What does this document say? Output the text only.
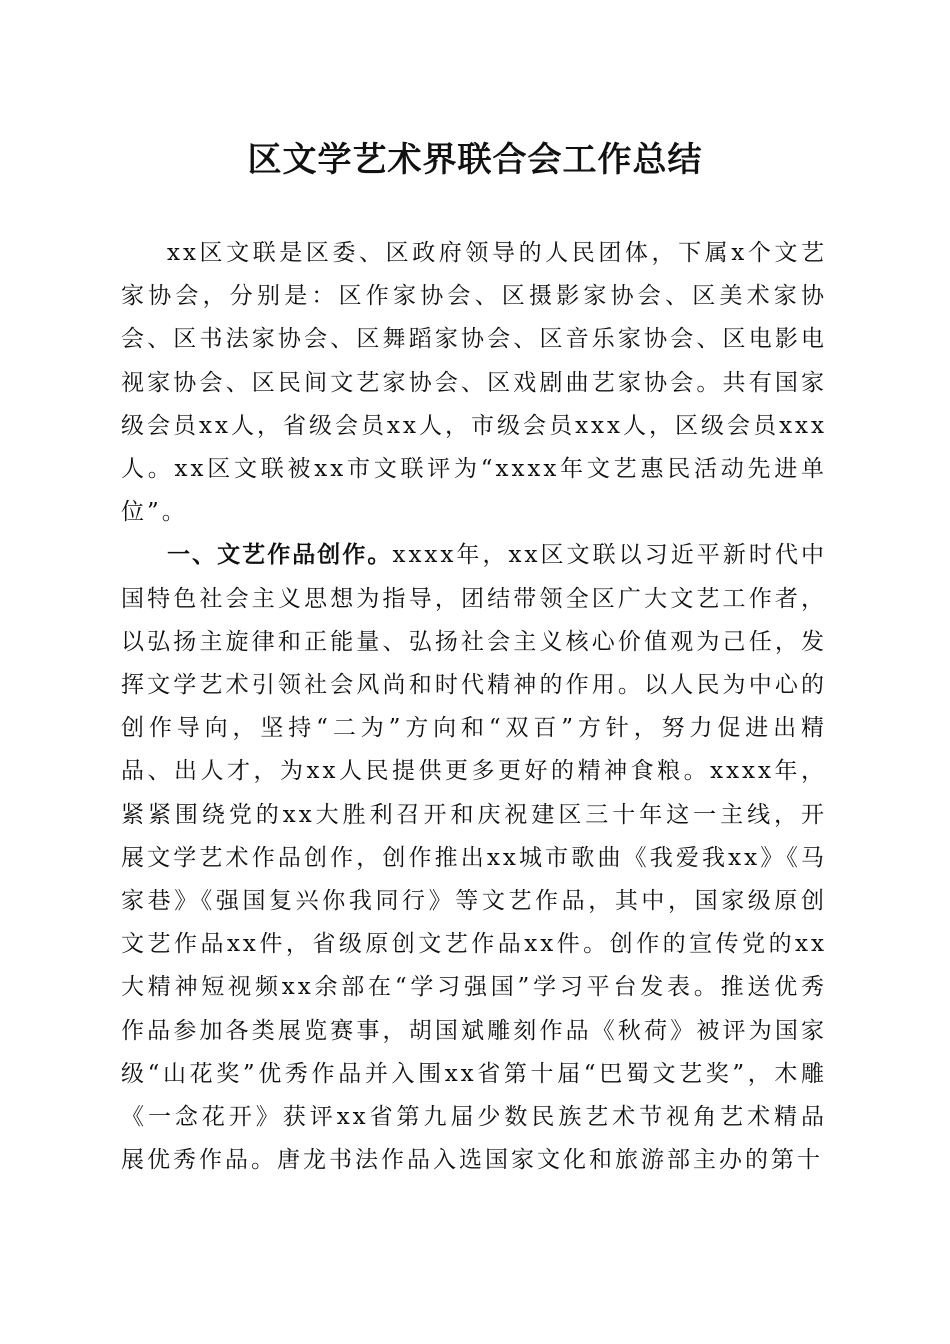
区文学艺术界联合会工作总结

xx区文联是区委、区政府领导的人民团体，下属x个文艺家协会，分别是：区作家协会、区摄影家协会、区美术家协会、区书法家协会、区舞蹈家协会、区音乐家协会、区电影电视家协会、区民间文艺家协会、区戏剧曲艺家协会。共有国家级会员xx人，省级会员xx人，市级会员xxx人，区级会员xxx人。xx区文联被xx市文联评为“xxxx年文艺惠民活动先进单位”。

一、文艺作品创作。xxxx年，xx区文联以习近平新时代中国特色社会主义思想为指导，团结带领全区广大文艺工作者，以弘扬主旋律和正能量、弘扬社会主义核心价值观为己任，发挥文学艺术引领社会风尚和时代精神的作用。以人民为中心的创作导向，坚持“二为”方向和“双百”方针，努力促进出精品、出人才，为xx人民提供更多更好的精神食粮。xxxx年，紧紧围绕党的xx大胜利召开和庆祝建区三十年这一主线，开展文学艺术作品创作，创作推出xx城市歌曲《我爱我xx》《马家巷》《强国复兴你我同行》等文艺作品，其中，国家级原创文艺作品xx件，省级原创文艺作品xx件。创作的宣传党的xx大精神短视频xx余部在“学习强国”学习平台发表。推送优秀作品参加各类展览赛事，胡国斌雕刻作品《秋荷》被评为国家级“山花奖”优秀作品并入围xx省第十届“巴蜀文艺奖”，木雕《一念花开》获评xx省第九届少数民族艺术节视角艺术精品展优秀作品。唐龙书法作品入选国家文化和旅游部主办的第十
